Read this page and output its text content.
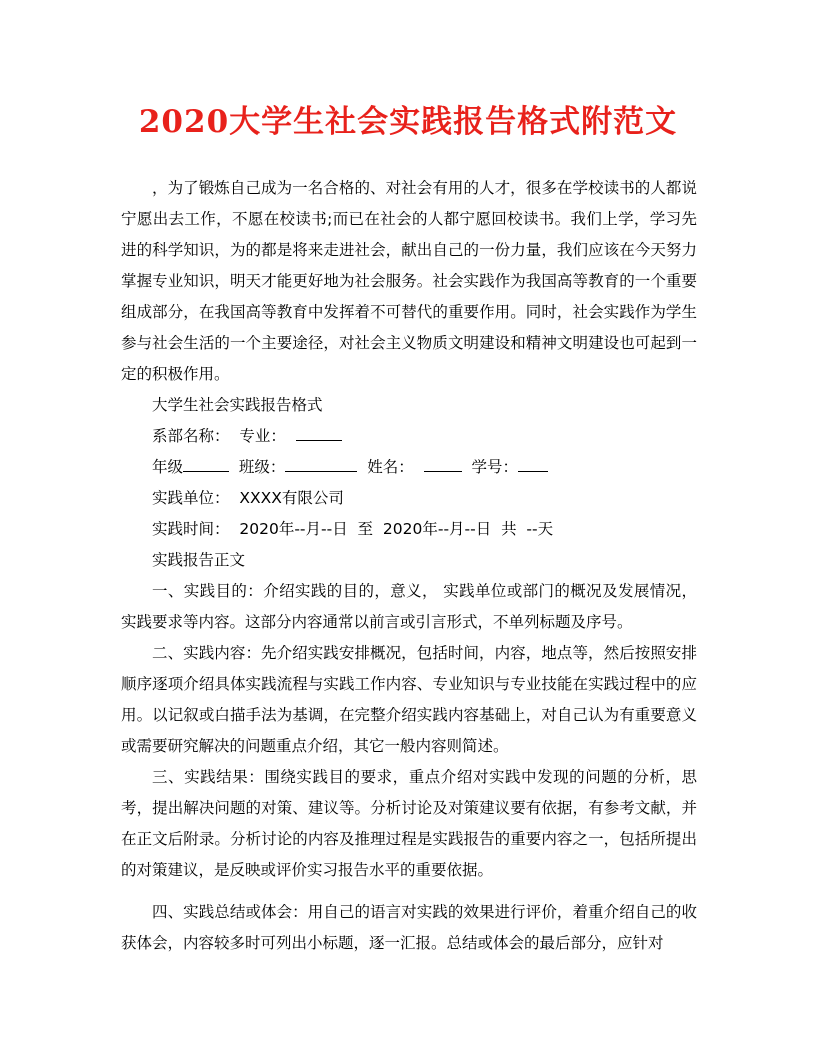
2020大学生社会实践报告格式附范文

，为了锻炼自己成为一名合格的、对社会有用的人才，很多在学校读书的人都说宁愿出去工作，不愿在校读书;而已在社会的人都宁愿回校读书。我们上学，学习先进的科学知识，为的都是将来走进社会，献出自己的一份力量，我们应该在今天努力掌握专业知识，明天才能更好地为社会服务。社会实践作为我国高等教育的一个重要组成部分，在我国高等教育中发挥着不可替代的重要作用。同时，社会实践作为学生参与社会生活的一个主要途径，对社会主义物质文明建设和精神文明建设也可起到一定的积极作用。

大学生社会实践报告格式

系部名称： 专业：

年级	班级：	姓名：	学号：

实践单位： XXXX有限公司

实践时间： 2020年--月--日  至  2020年--月--日  共  --天

实践报告正文

一、实践目的：介绍实践的目的，意义， 实践单位或部门的概况及发展情况，实践要求等内容。这部分内容通常以前言或引言形式，不单列标题及序号。

二、实践内容：先介绍实践安排概况，包括时间，内容，地点等，然后按照安排顺序逐项介绍具体实践流程与实践工作内容、专业知识与专业技能在实践过程中的应用。以记叙或白描手法为基调，在完整介绍实践内容基础上，对自己认为有重要意义或需要研究解决的问题重点介绍，其它一般内容则简述。

三、实践结果：围绕实践目的要求，重点介绍对实践中发现的问题的分析，思考，提出解决问题的对策、建议等。分析讨论及对策建议要有依据，有参考文献，并在正文后附录。分析讨论的内容及推理过程是实践报告的重要内容之一，包括所提出的对策建议，是反映或评价实习报告水平的重要依据。

四、实践总结或体会：用自己的语言对实践的效果进行评价，着重介绍自己的收获体会，内容较多时可列出小标题，逐一汇报。总结或体会的最后部分，应针对
